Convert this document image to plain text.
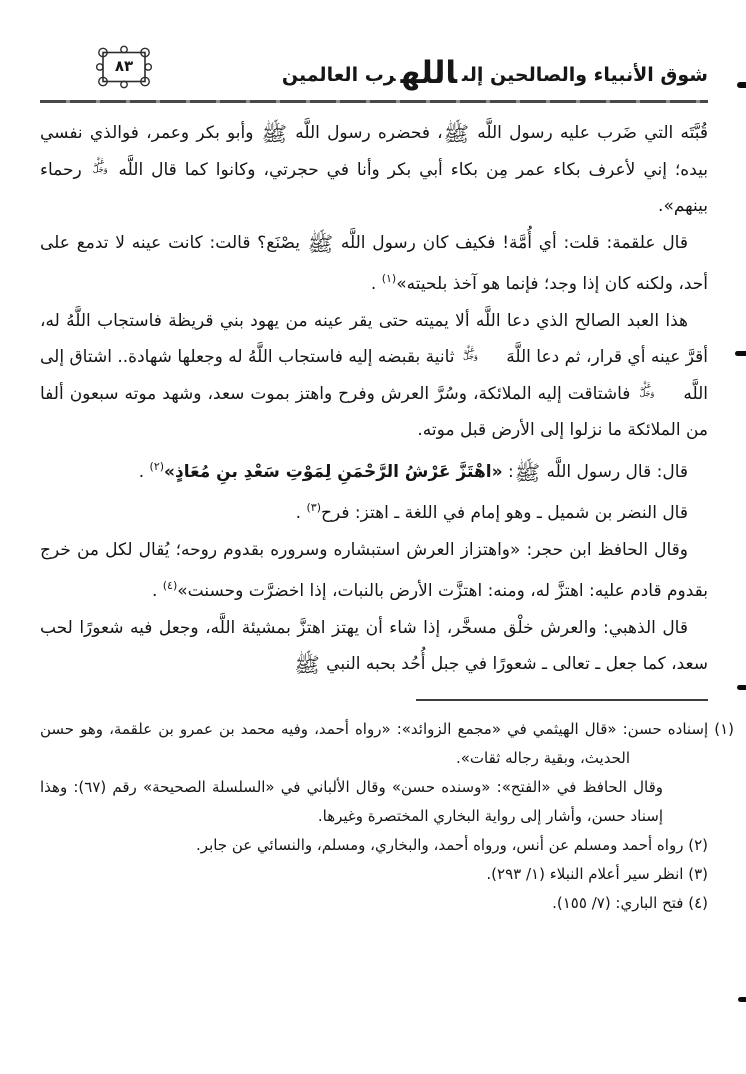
شوق الأنبياء والصالحين إلىاللهرب العالمين
٨٣

قُبَّتَه التي ضَرب عليه رسول اللَّه ﷺ، فحضره رسول اللَّه ﷺ وأبو بكر وعمر، فوالذي نفسي بيده؛ إني لأعرف بكاء عمر مِن بكاء أبي بكر وأنا في حجرتي، وكانوا كما قال اللَّه
عَزَّ
وَجَلَّ
رحماء بينهم».

قال علقمة: قلت: أي أُمَّة! فكيف كان رسول اللَّه ﷺ يصْنَع؟ قالت: كانت عينه لا تدمع على أحد، ولكنه كان إذا وجد؛ فإنما هو آخذ بلحيته»$^{(١)}$ .

هذا العبد الصالح الذي دعا اللَّه ألا يميته حتى يقر عينه من يهود بني قريظة فاستجاب اللَّهُ له، أقرَّ عينه أي قرار، ثم دعا اللَّهَ
عَزَّ
وَجَلَّ
ثانية بقبضه إليه فاستجاب اللَّهُ له وجعلها شهادة.. اشتاق إلى اللَّه
عَزَّ
وَجَلَّ
فاشتاقت إليه الملائكة، وسُرَّ العرش وفرح واهتز بموت سعد، وشهد موته سبعون ألفا من الملائكة ما نزلوا إلى الأرض قبل موته.

قال: قال رسول اللَّه ﷺ: «اهْتَزَّ عَرْشُ الرَّحْمَنِ لِمَوْتِ سَعْدِ بنِ مُعَاذٍ»$^{(٢)}$ .

قال النضر بن شميل ـ وهو إمام في اللغة ـ اهتز: فرح$^{(٣)}$ .

وقال الحافظ ابن حجر: «واهتزاز العرش استبشاره وسروره بقدوم روحه؛ يُقال لكل من خرج بقدوم قادم عليه: اهتزَّ له، ومنه: اهتزَّت الأرض بالنبات، إذا اخضرَّت وحسنت»$^{(٤)}$ .

قال الذهبي: والعرش خلْق مسخَّر، إذا شاء أن يهتز اهتزَّ بمشيئة اللَّه، وجعل فيه شعورًا لحب سعد، كما جعل ـ تعالى ـ شعورًا في جبل أُحُد بحبه النبي ﷺ

(١) إسناده حسن: «قال الهيثمي في «مجمع الزوائد»: «رواه أحمد، وفيه محمد بن عمرو بن علقمة، وهو حسن الحديث، وبقية رجاله ثقات».

وقال الحافظ في «الفتح»: «وسنده حسن» وقال الألباني في «السلسلة الصحيحة» رقم (٦٧): وهذا إسناد حسن، وأشار إلى رواية البخاري المختصرة وغيرها.

(٢) رواه أحمد ومسلم عن أنس، ورواه أحمد، والبخاري، ومسلم، والنسائي عن جابر.

(٣) انظر سير أعلام النبلاء (١/ ٢٩٣).

(٤) فتح الباري: (٧/ ١٥٥).
